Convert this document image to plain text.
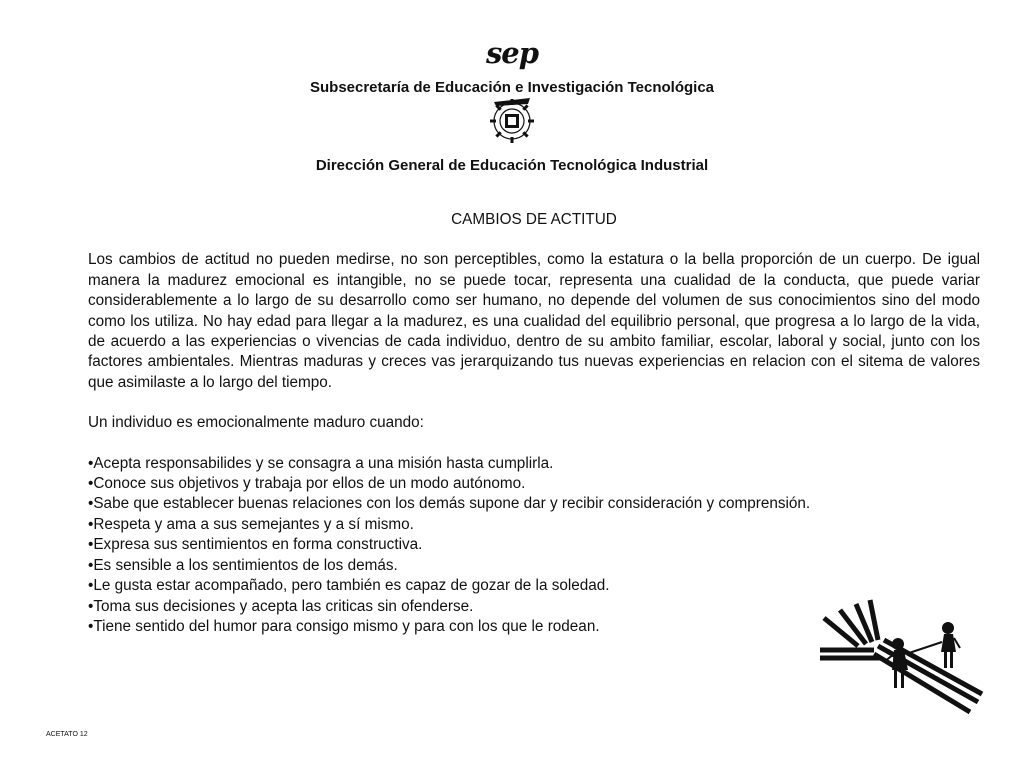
sep
Subsecretaría de Educación e Investigación Tecnológica
Dirección General de Educación Tecnológica Industrial

CAMBIOS DE ACTITUD

Los cambios de actitud no pueden medirse, no son perceptibles, como la estatura o la bella proporción de un cuerpo. De igual manera la madurez emocional es intangible, no se puede tocar, representa una cualidad de la conducta, que puede variar considerablemente a lo largo de su desarrollo como ser humano, no depende del volumen de sus conocimientos sino del modo como los utiliza. No hay edad para llegar a la madurez, es una cualidad del equilibrio personal, que progresa a lo largo de la vida, de acuerdo a las experiencias o vivencias de cada individuo, dentro de su ambito familiar, escolar, laboral y social, junto con los factores ambientales. Mientras maduras y creces vas jerarquizando tus nuevas experiencias en relacion con el sitema de valores que asimilaste a lo largo del tiempo.

Un individuo es emocionalmente maduro cuando:

•Acepta responsabilides y se consagra a una misión hasta cumplirla.
•Conoce sus objetivos y trabaja por ellos de un modo autónomo.
•Sabe que establecer buenas relaciones con los demás supone dar y recibir consideración y comprensión.
•Respeta y ama a sus semejantes y a sí mismo.
•Expresa sus sentimientos en forma constructiva.
•Es sensible a los sentimientos de los demás.
•Le gusta estar acompañado, pero también es capaz de gozar de la soledad.
•Toma sus decisiones y acepta las criticas sin ofenderse.
•Tiene sentido del humor para consigo mismo y para con los que le rodean.
ACETATO 12
